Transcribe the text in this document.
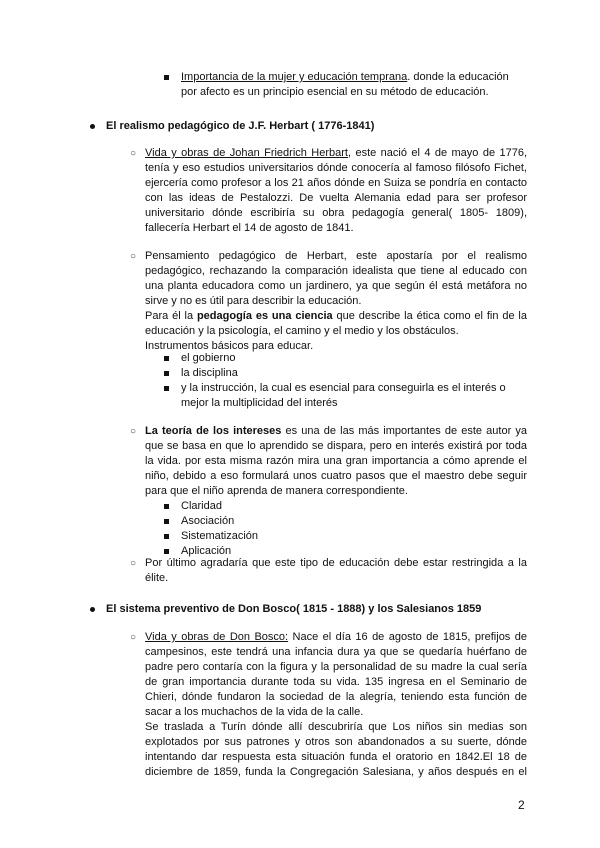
Importancia de la mujer y educación temprana. donde la educación
por afecto es un principio esencial en su método de educación.
El realismo pedagógico de J.F. Herbart ( 1776-1841)
○ Vida y obras de Johan Friedrich Herbart, este nació el 4 de mayo de 1776,
tenía y eso estudios universitarios dónde conocería al famoso filósofo Fichet,
ejercería como profesor a los 21 años dónde en Suiza se pondría en contacto
con las ideas de Pestalozzi. De vuelta Alemania edad para ser profesor
universitario dónde escribiría su obra pedagogía general( 1805- 1809),
fallecería Herbart el 14 de agosto de 1841.
○ Pensamiento pedagógico de Herbart, este apostaría por el realismo
pedagógico, rechazando la comparación idealista que tiene al educado con
una planta educadora como un jardinero, ya que según él está metáfora no
sirve y no es útil para describir la educación.
Para él la pedagogía es una ciencia que describe la ética como el fin de la
educación y la psicología, el camino y el medio y los obstáculos.
Instrumentos básicos para educar.
el gobierno
la disciplina
y la instrucción, la cual es esencial para conseguirla es el interés o
mejor la multiplicidad del interés
○ La teoría de los intereses es una de las más importantes de este autor ya
que se basa en que lo aprendido se dispara, pero en interés existirá por toda
la vida. por esta misma razón mira una gran importancia a cómo aprende el
niño, debido a eso formulará unos cuatro pasos que el maestro debe seguir
para que el niño aprenda de manera correspondiente.
Claridad
Asociación
Sistematización
Aplicación
○ Por último agradaría que este tipo de educación debe estar restringida a la
élite.
El sistema preventivo de Don Bosco( 1815 - 1888) y los Salesianos 1859
○ Vida y obras de Don Bosco: Nace el día 16 de agosto de 1815, prefijos de
campesinos, este tendrá una infancia dura ya que se quedaría huérfano de
padre pero contaría con la figura y la personalidad de su madre la cual sería
de gran importancia durante toda su vida. 135 ingresa en el Seminario de
Chieri, dónde fundaron la sociedad de la alegría, teniendo esta función de
sacar a los muchachos de la vida de la calle.
Se traslada a Turín dónde allí descubriría que Los niños sin medias son
explotados por sus patrones y otros son abandonados a su suerte, dónde
intentando dar respuesta esta situación funda el oratorio en 1842.El 18 de
diciembre de 1859, funda la Congregación Salesiana, y años después en el
2
